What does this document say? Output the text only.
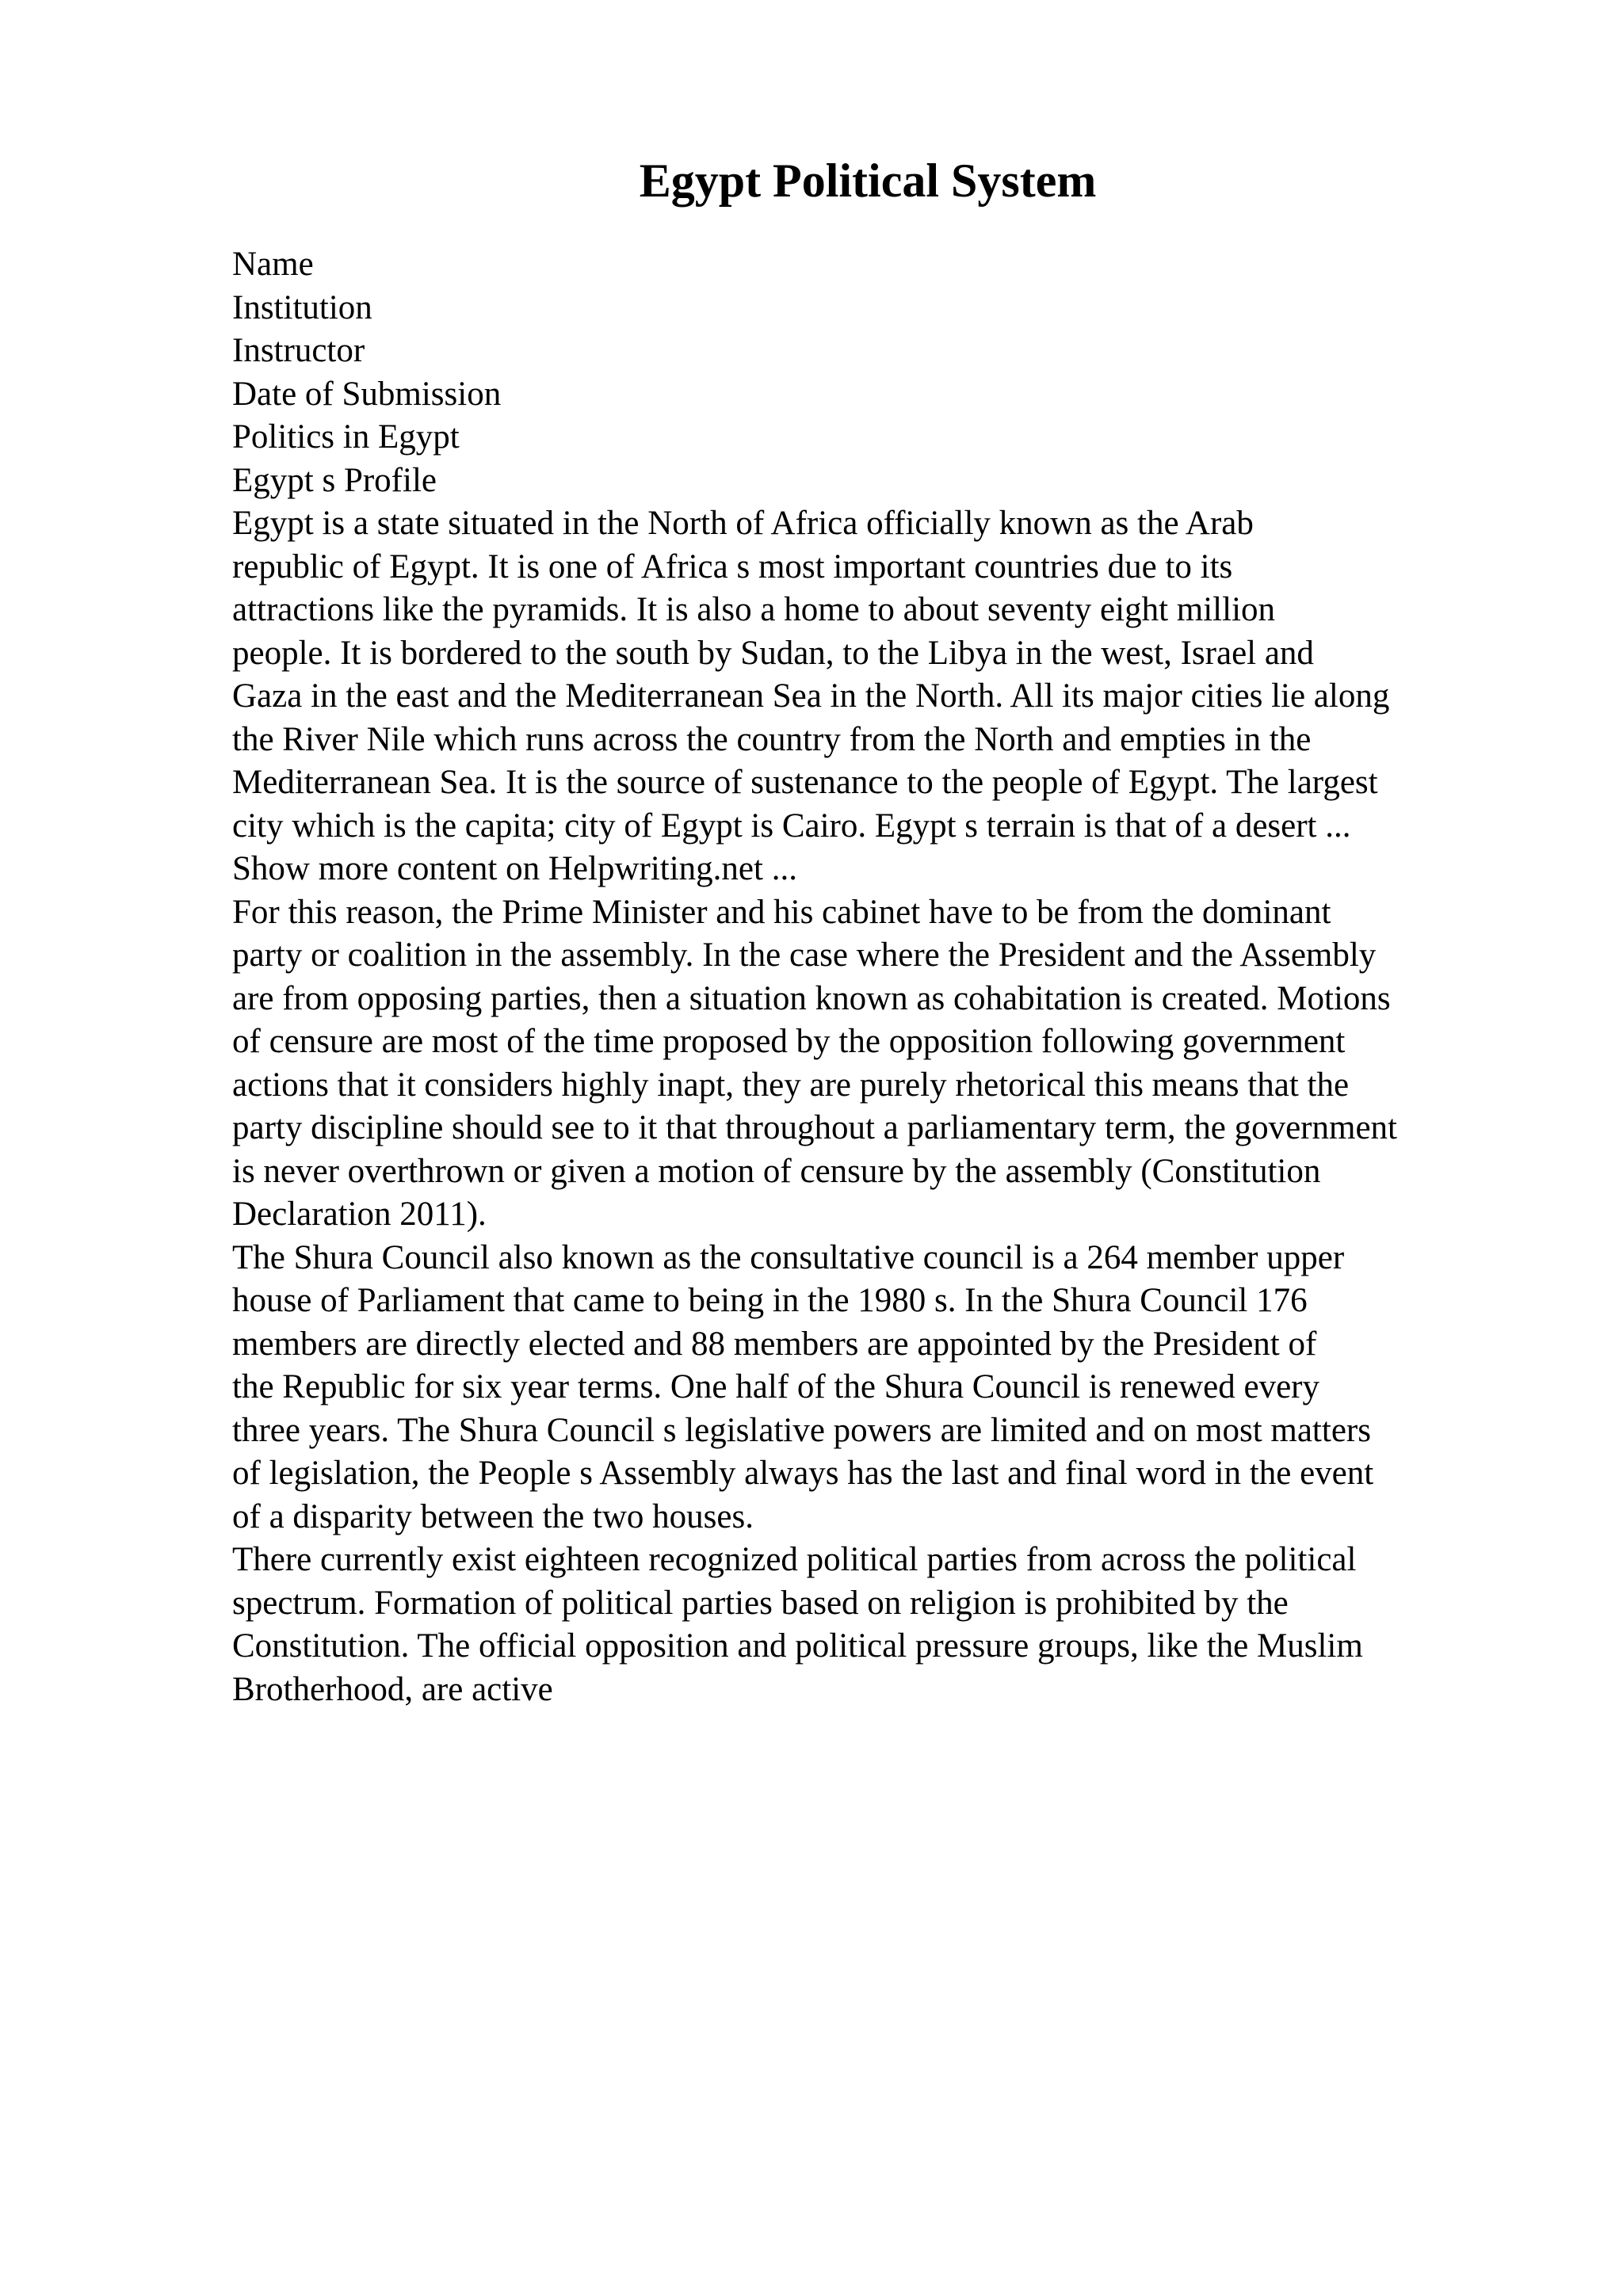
Egypt Political System
Name
Institution
Instructor
Date of Submission
Politics in Egypt
Egypt s Profile
Egypt is a state situated in the North of Africa officially known as the Arab
republic of Egypt. It is one of Africa s most important countries due to its
attractions like the pyramids. It is also a home to about seventy eight million
people. It is bordered to the south by Sudan, to the Libya in the west, Israel and
Gaza in the east and the Mediterranean Sea in the North. All its major cities lie along
the River Nile which runs across the country from the North and empties in the
Mediterranean Sea. It is the source of sustenance to the people of Egypt. The largest
city which is the capita; city of Egypt is Cairo. Egypt s terrain is that of a desert ...
Show more content on Helpwriting.net ...
For this reason, the Prime Minister and his cabinet have to be from the dominant
party or coalition in the assembly. In the case where the President and the Assembly
are from opposing parties, then a situation known as cohabitation is created. Motions
of censure are most of the time proposed by the opposition following government
actions that it considers highly inapt, they are purely rhetorical this means that the
party discipline should see to it that throughout a parliamentary term, the government
is never overthrown or given a motion of censure by the assembly (Constitution
Declaration 2011).
The Shura Council also known as the consultative council is a 264 member upper
house of Parliament that came to being in the 1980 s. In the Shura Council 176
members are directly elected and 88 members are appointed by the President of
the Republic for six year terms. One half of the Shura Council is renewed every
three years. The Shura Council s legislative powers are limited and on most matters
of legislation, the People s Assembly always has the last and final word in the event
of a disparity between the two houses.
There currently exist eighteen recognized political parties from across the political
spectrum. Formation of political parties based on religion is prohibited by the
Constitution. The official opposition and political pressure groups, like the Muslim
Brotherhood, are active
